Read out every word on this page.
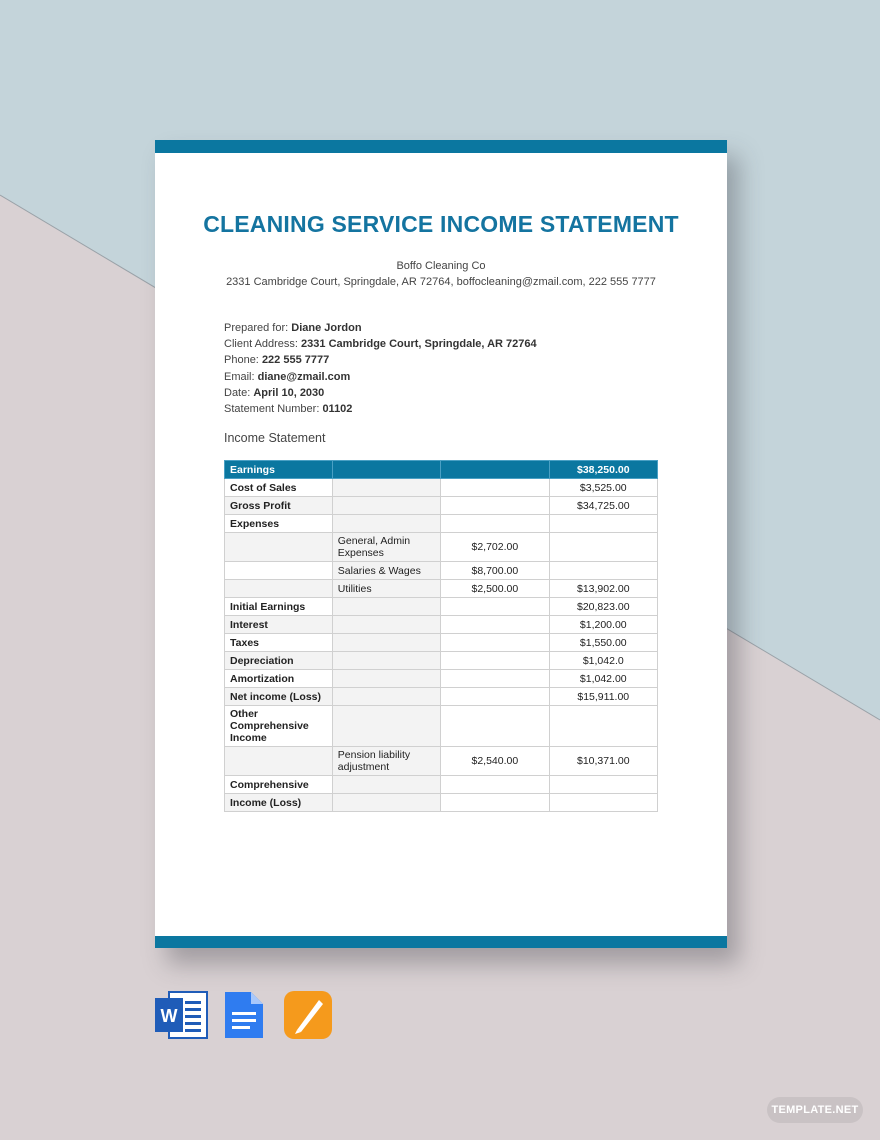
CLEANING SERVICE INCOME STATEMENT
Boffo Cleaning Co
2331 Cambridge Court, Springdale, AR 72764, boffocleaning@zmail.com, 222 555 7777
Prepared for: Diane Jordon
Client Address: 2331 Cambridge Court, Springdale, AR 72764
Phone: 222 555 7777
Email: diane@zmail.com
Date: April 10, 2030
Statement Number: 01102
Income Statement
Earnings			$38,250.00
Cost of Sales			$3,525.00
Gross Profit			$34,725.00
Expenses			
	General, Admin Expenses	$2,702.00	
	Salaries & Wages	$8,700.00	
	Utilities	$2,500.00	$13,902.00
Initial Earnings			$20,823.00
Interest			$1,200.00
Taxes			$1,550.00
Depreciation			$1,042.0
Amortization			$1,042.00
Net income (Loss)			$15,911.00
Other Comprehensive Income			
	Pension liability adjustment	$2,540.00	$10,371.00
Comprehensive			
Income (Loss)			
W
TEMPLATE.NET
